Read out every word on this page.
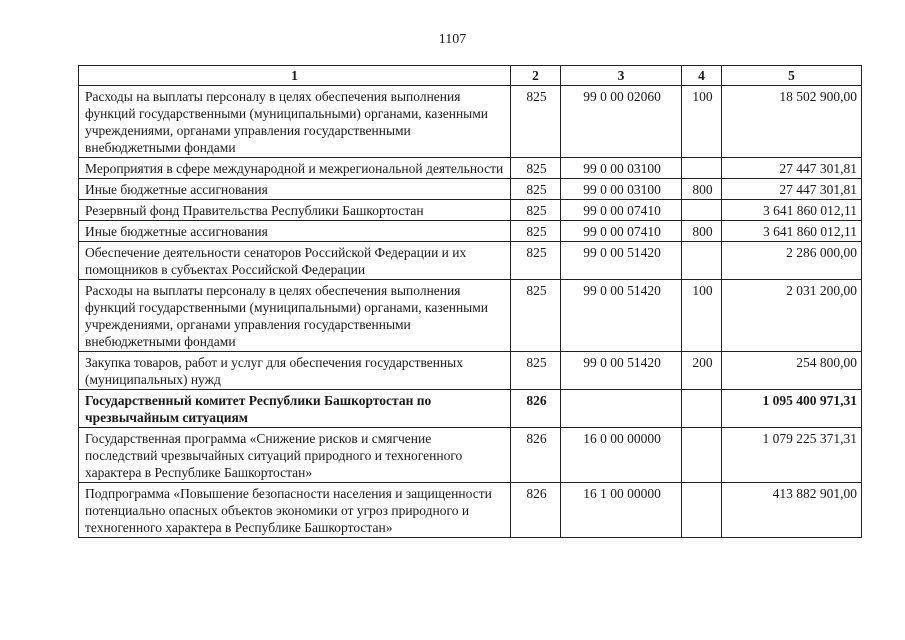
1107
1	2	3	4	5
Расходы на выплаты персоналу в целях обеспечения выполнения функций государственными (муниципальными) органами, казенными учреждениями, органами управления государственными внебюджетными фондами	825	99 0 00 02060	100	18 502 900,00
Мероприятия в сфере международной и межрегиональной деятельности	825	99 0 00 03100		27 447 301,81
Иные бюджетные ассигнования	825	99 0 00 03100	800	27 447 301,81
Резервный фонд Правительства Республики Башкортостан	825	99 0 00 07410		3 641 860 012,11
Иные бюджетные ассигнования	825	99 0 00 07410	800	3 641 860 012,11
Обеспечение деятельности сенаторов Российской Федерации и их помощников в субъектах Российской Федерации	825	99 0 00 51420		2 286 000,00
Расходы на выплаты персоналу в целях обеспечения выполнения функций государственными (муниципальными) органами, казенными учреждениями, органами управления государственными внебюджетными фондами	825	99 0 00 51420	100	2 031 200,00
Закупка товаров, работ и услуг для обеспечения государственных (муниципальных) нужд	825	99 0 00 51420	200	254 800,00
Государственный комитет Республики Башкортостан по чрезвычайным ситуациям	826			1 095 400 971,31
Государственная программа «Снижение рисков и смягчение последствий чрезвычайных ситуаций природного и техногенного характера в Республике Башкортостан»	826	16 0 00 00000		1 079 225 371,31
Подпрограмма «Повышение безопасности населения и защищенности потенциально опасных объектов экономики от угроз природного и техногенного характера в Республике Башкортостан»	826	16 1 00 00000		413 882 901,00
